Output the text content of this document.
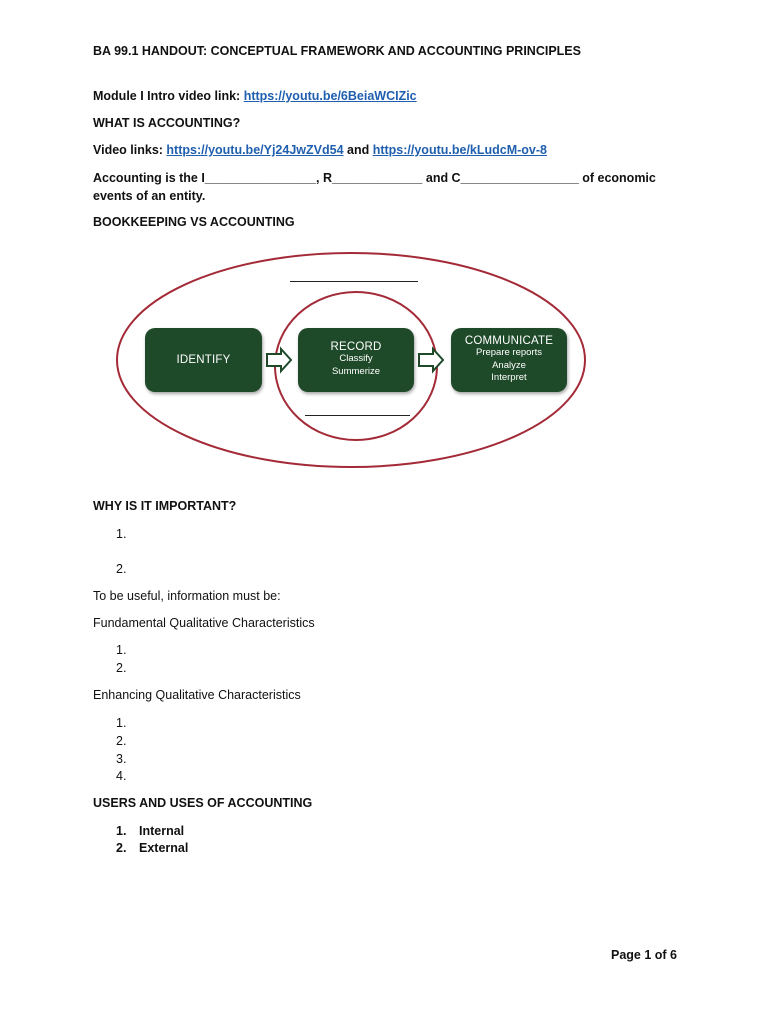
BA 99.1 HANDOUT: CONCEPTUAL FRAMEWORK AND ACCOUNTING PRINCIPLES
Module I Intro video link: https://youtu.be/6BeiaWCIZic
WHAT IS ACCOUNTING?
Video links: https://youtu.be/Yj24JwZVd54 and https://youtu.be/kLudcM-ov-8
Accounting is the I________________, R_____________ and C_________________ of economic
events of an entity.
BOOKKEEPING VS ACCOUNTING
IDENTIFY
RECORD
Classify
Summerize
COMMUNICATE
Prepare reports
Analyze
Interpret
WHY IS IT IMPORTANT?
1.
2.
To be useful, information must be:
Fundamental Qualitative Characteristics
1.
2.
Enhancing Qualitative Characteristics
1.
2.
3.
4.
USERS AND USES OF ACCOUNTING
1. Internal
2. External
Page 1 of 6
